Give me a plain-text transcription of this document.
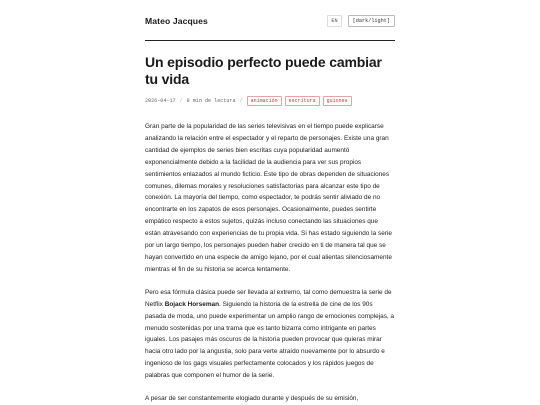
Mateo Jacques	EN	[dark/light]
Un episodio perfecto puede cambiar tu vida
2026-04-17 / 8 min de lectura /	animación	escritura	guiones

Gran parte de la popularidad de las series televisivas en el tiempo puede explicarse analizando la relación entre el espectador y el reparto de personajes. Existe una gran cantidad de ejemplos de series bien escritas cuya popularidad aumentó exponencialmente debido a la facilidad de la audiencia para ver sus propios sentimientos enlazados al mundo ficticio. Este tipo de obras dependen de situaciones comunes, dilemas morales y resoluciones satisfactorias para alcanzar este tipo de conexión. La mayoría del tiempo, como espectador, te podrás sentir aliviado de no encontrarte en los zapatos de esos personajes. Ocasionalmente, puedes sentirte empático respecto a estos sujetos, quizás incluso conectando las situaciones que están atravesando con experiencias de tu propia vida. Si has estado siguiendo la serie por un largo tiempo, los personajes pueden haber crecido en ti de manera tal que se hayan convertido en una especie de amigo lejano, por el cual alientas silenciosamente mientras el fin de su historia se acerca lentamente.

Pero esa fórmula clásica puede ser llevada al extremo, tal como demuestra la serie de Netflix Bojack Horseman. Siguiendo la historia de la estrella de cine de los 90s pasada de moda, uno puede experimentar un amplio rango de emociones complejas, a menudo sostenidas por una trama que es tanto bizarra como intrigante en partes iguales. Los pasajes más oscuros de la historia pueden provocar que quieras mirar hacia otro lado por la angustia, solo para verte atraído nuevamente por lo absurdo e ingenioso de los gags visuales perfectamente colocados y los rápidos juegos de palabras que componen el humor de la serie.

A pesar de ser constantemente elogiado durante y después de su emisión,
